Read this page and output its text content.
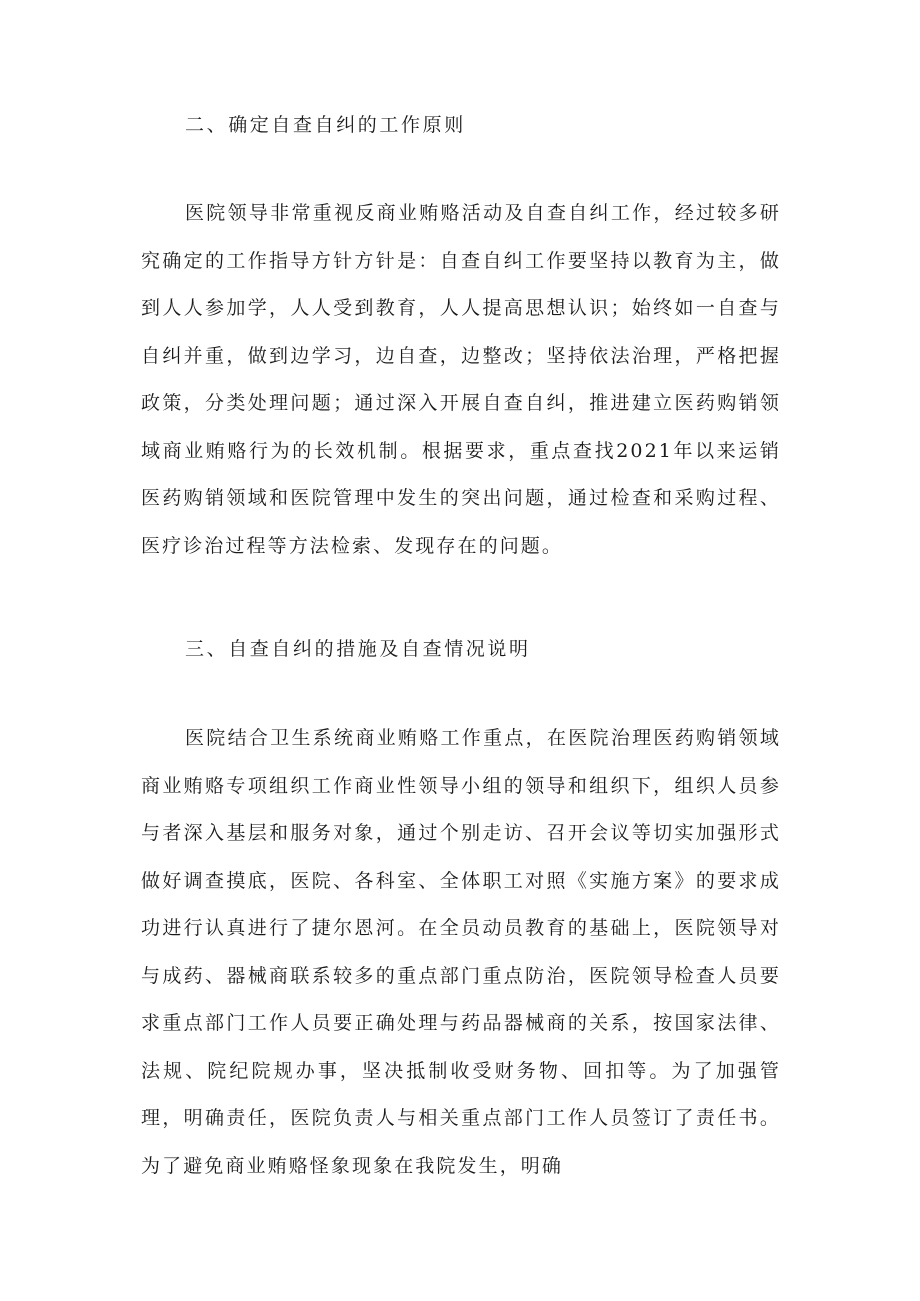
二、确定自查自纠的工作原则

医院领导非常重视反商业贿赂活动及自查自纠工作，经过较多研究确定的工作指导方针方针是：自查自纠工作要坚持以教育为主，做到人人参加学，人人受到教育，人人提高思想认识；始终如一自查与自纠并重，做到边学习，边自查，边整改；坚持依法治理，严格把握政策，分类处理问题；通过深入开展自查自纠，推进建立医药购销领域商业贿赂行为的长效机制。根据要求，重点查找2021年以来运销医药购销领域和医院管理中发生的突出问题，通过检查和采购过程、医疗诊治过程等方法检索、发现存在的问题。

三、自查自纠的措施及自查情况说明

医院结合卫生系统商业贿赂工作重点，在医院治理医药购销领域商业贿赂专项组织工作商业性领导小组的领导和组织下，组织人员参与者深入基层和服务对象，通过个别走访、召开会议等切实加强形式做好调查摸底，医院、各科室、全体职工对照《实施方案》的要求成功进行认真进行了捷尔恩河。在全员动员教育的基础上，医院领导对与成药、器械商联系较多的重点部门重点防治，医院领导检查人员要求重点部门工作人员要正确处理与药品器械商的关系，按国家法律、法规、院纪院规办事，坚决抵制收受财务物、回扣等。为了加强管理，明确责任，医院负责人与相关重点部门工作人员签订了责任书。为了避免商业贿赂怪象现象在我院发生，明确
